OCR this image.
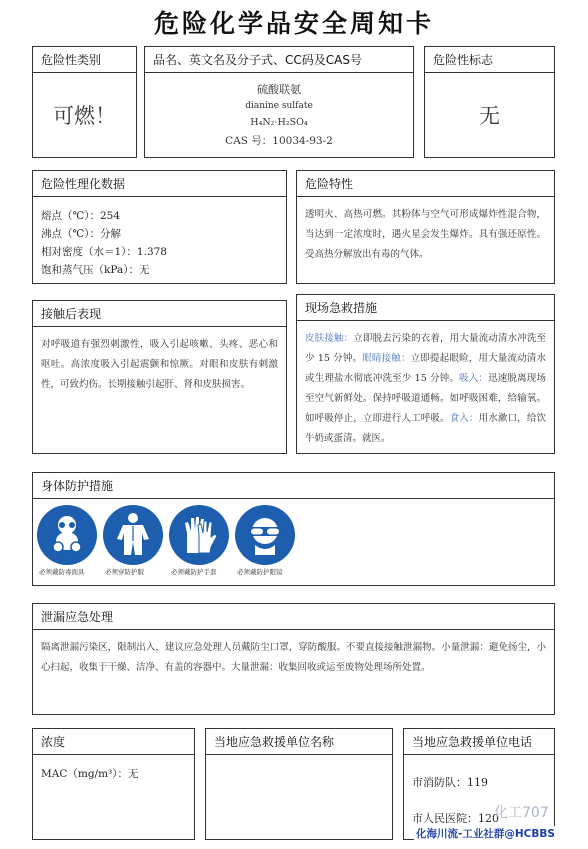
危险化学品安全周知卡
危险性类别
可燃！
品名、英文名及分子式、CC码及CAS号
硫酸联氨
dianine sulfate
H₄N₂·H₂SO₄
CAS 号：10034-93-2
危险性标志
无
危险性理化数据
熔点（℃）：254
沸点（℃）：分解
相对密度（水＝1）：1.378
饱和蒸气压（kPa）：无
危险特性
透明火、高热可燃。其粉体与空气可形成爆炸性混合物，当达到一定浓度时，遇火星会发生爆炸。具有强还原性。受高热分解放出有毒的气体。
接触后表现
对呼吸道有强烈刺激性，吸入引起咳嗽、头疼、恶心和呕吐。高浓度吸入引起震颤和惊厥。对眼和皮肤有刺激性，可致灼伤。长期接触引起肝、肾和皮肤损害。
现场急救措施
皮肤接触：立即脱去污染的衣着，用大量流动清水冲洗至少 15 分钟。眼睛接触：立即提起眼睑，用大量流动清水或生理盐水彻底冲洗至少 15 分钟。吸入：迅速脱离现场至空气新鲜处。保持呼吸道通畅。如呼吸困难，给输氧。如呼吸停止，立即进行人工呼吸。食入：用水漱口，给饮牛奶或蛋清。就医。
身体防护措施
必须戴防毒面具	必须穿防护服	必须戴防护手套	必须戴防护眼镜
泄漏应急处理
隔离泄漏污染区，限制出入，建议应急处理人员戴防尘口罩，穿防酸服。不要直接接触泄漏物。小量泄漏：避免扬尘，小心扫起，收集于干燥、洁净、有盖的容器中。大量泄漏：收集回收或运至废物处理场所处置。
浓度
MAC（mg/m³）：无
当地应急救援单位名称	当地应急救援单位电话
市消防队：119
市人民医院：120
化工707
化海川流-工业社群@HCBBS
